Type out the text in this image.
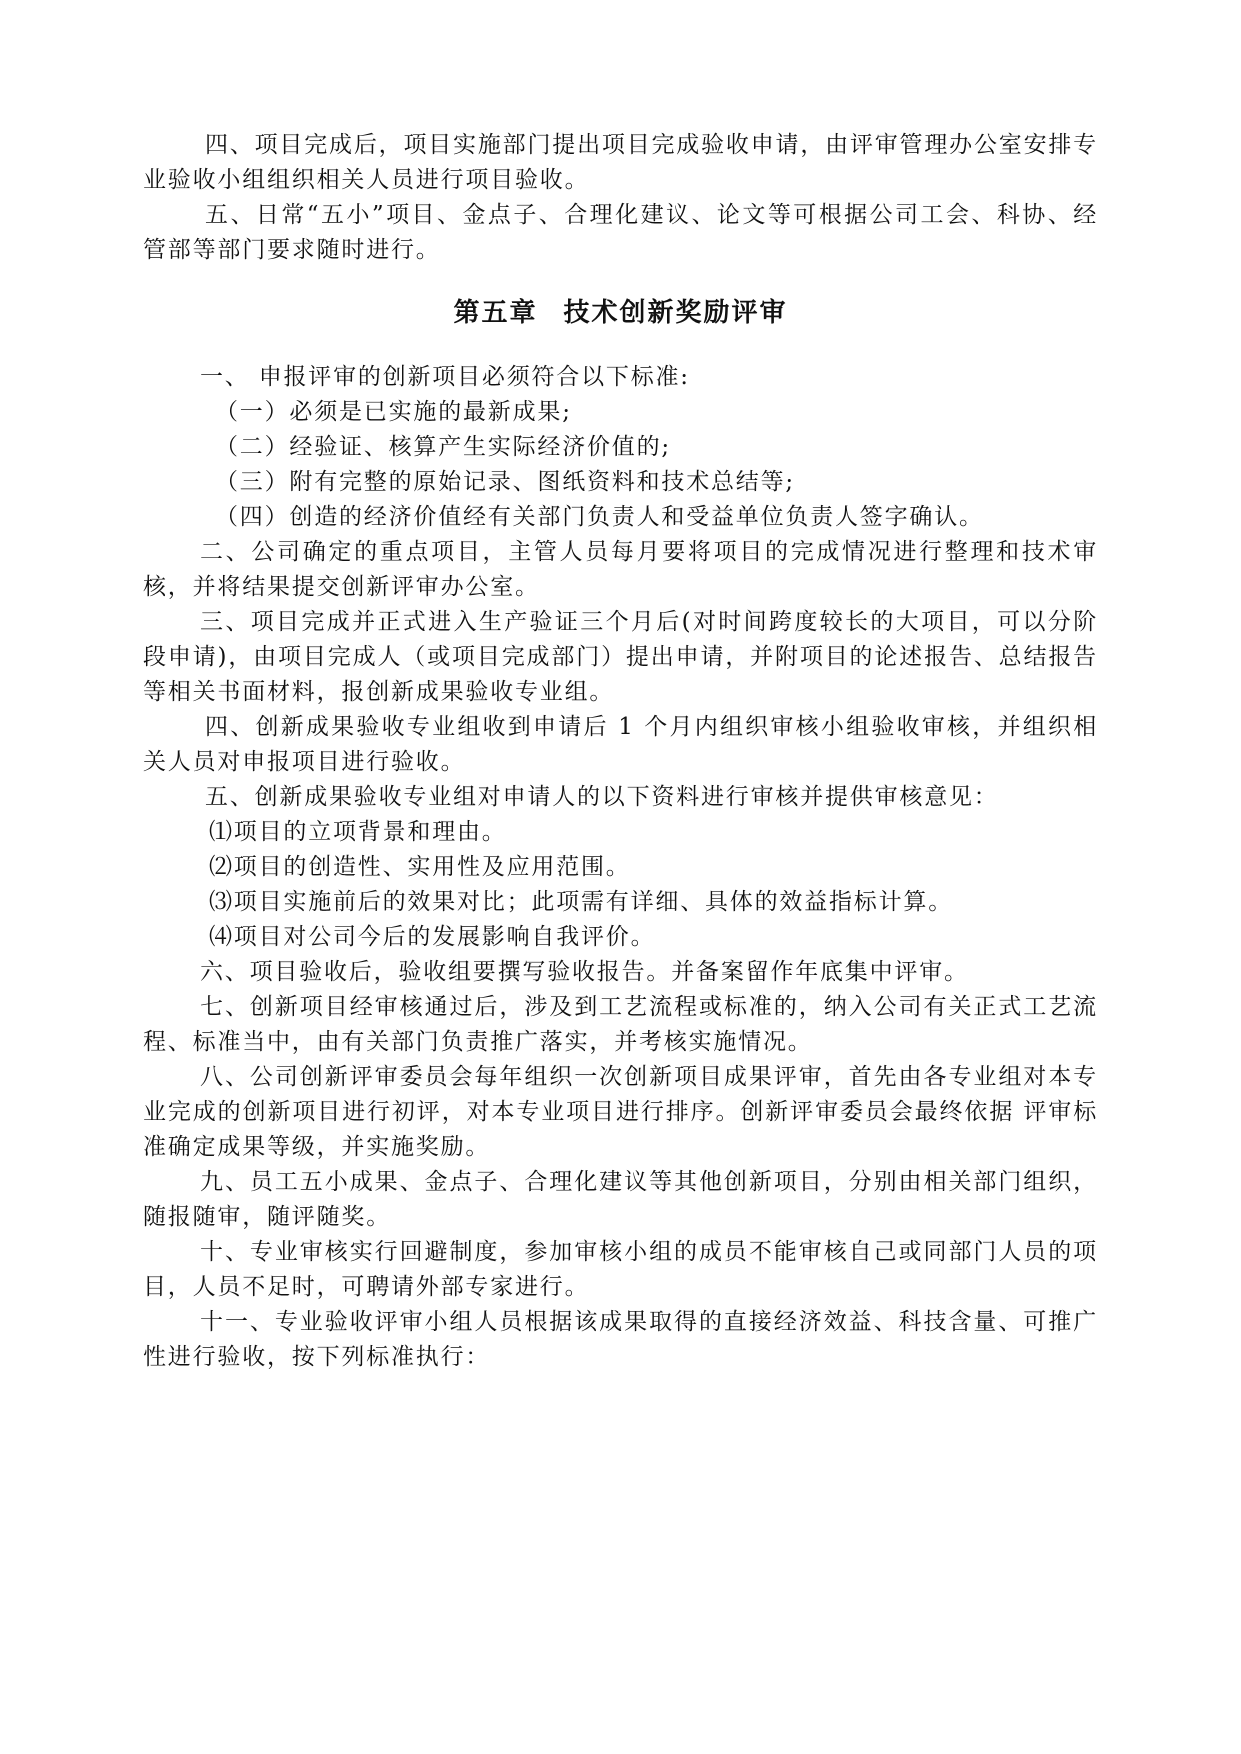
四、项目完成后，项目实施部门提出项目完成验收申请，由评审管理办公室安排专业验收小组组织相关人员进行项目验收。

五、日常“五小”项目、金点子、合理化建议、论文等可根据公司工会、科协、经管部等部门要求随时进行。

第五章 技术创新奖励评审

一、 申报评审的创新项目必须符合以下标准:

（一）必须是已实施的最新成果;

（二）经验证、核算产生实际经济价值的;

（三）附有完整的原始记录、图纸资料和技术总结等;

（四）创造的经济价值经有关部门负责人和受益单位负责人签字确认。

二、公司确定的重点项目，主管人员每月要将项目的完成情况进行整理和技术审核，并将结果提交创新评审办公室。

三、项目完成并正式进入生产验证三个月后(对时间跨度较长的大项目，可以分阶段申请)，由项目完成人（或项目完成部门）提出申请，并附项目的论述报告、总结报告等相关书面材料，报创新成果验收专业组。

四、创新成果验收专业组收到申请后 1 个月内组织审核小组验收审核，并组织相关人员对申报项目进行验收。

五、创新成果验收专业组对申请人的以下资料进行审核并提供审核意见：

⑴项目的立项背景和理由。

⑵项目的创造性、实用性及应用范围。

⑶项目实施前后的效果对比；此项需有详细、具体的效益指标计算。

⑷项目对公司今后的发展影响自我评价。

六、项目验收后，验收组要撰写验收报告。并备案留作年底集中评审。

七、创新项目经审核通过后，涉及到工艺流程或标准的，纳入公司有关正式工艺流程、标准当中，由有关部门负责推广落实，并考核实施情况。

八、公司创新评审委员会每年组织一次创新项目成果评审，首先由各专业组对本专业完成的创新项目进行初评，对本专业项目进行排序。创新评审委员会最终依据 评审标准确定成果等级，并实施奖励。

九、员工五小成果、金点子、合理化建议等其他创新项目，分别由相关部门组织，随报随审，随评随奖。

十、专业审核实行回避制度，参加审核小组的成员不能审核自己或同部门人员的项目，人员不足时，可聘请外部专家进行。

十一、专业验收评审小组人员根据该成果取得的直接经济效益、科技含量、可推广性进行验收，按下列标准执行：
